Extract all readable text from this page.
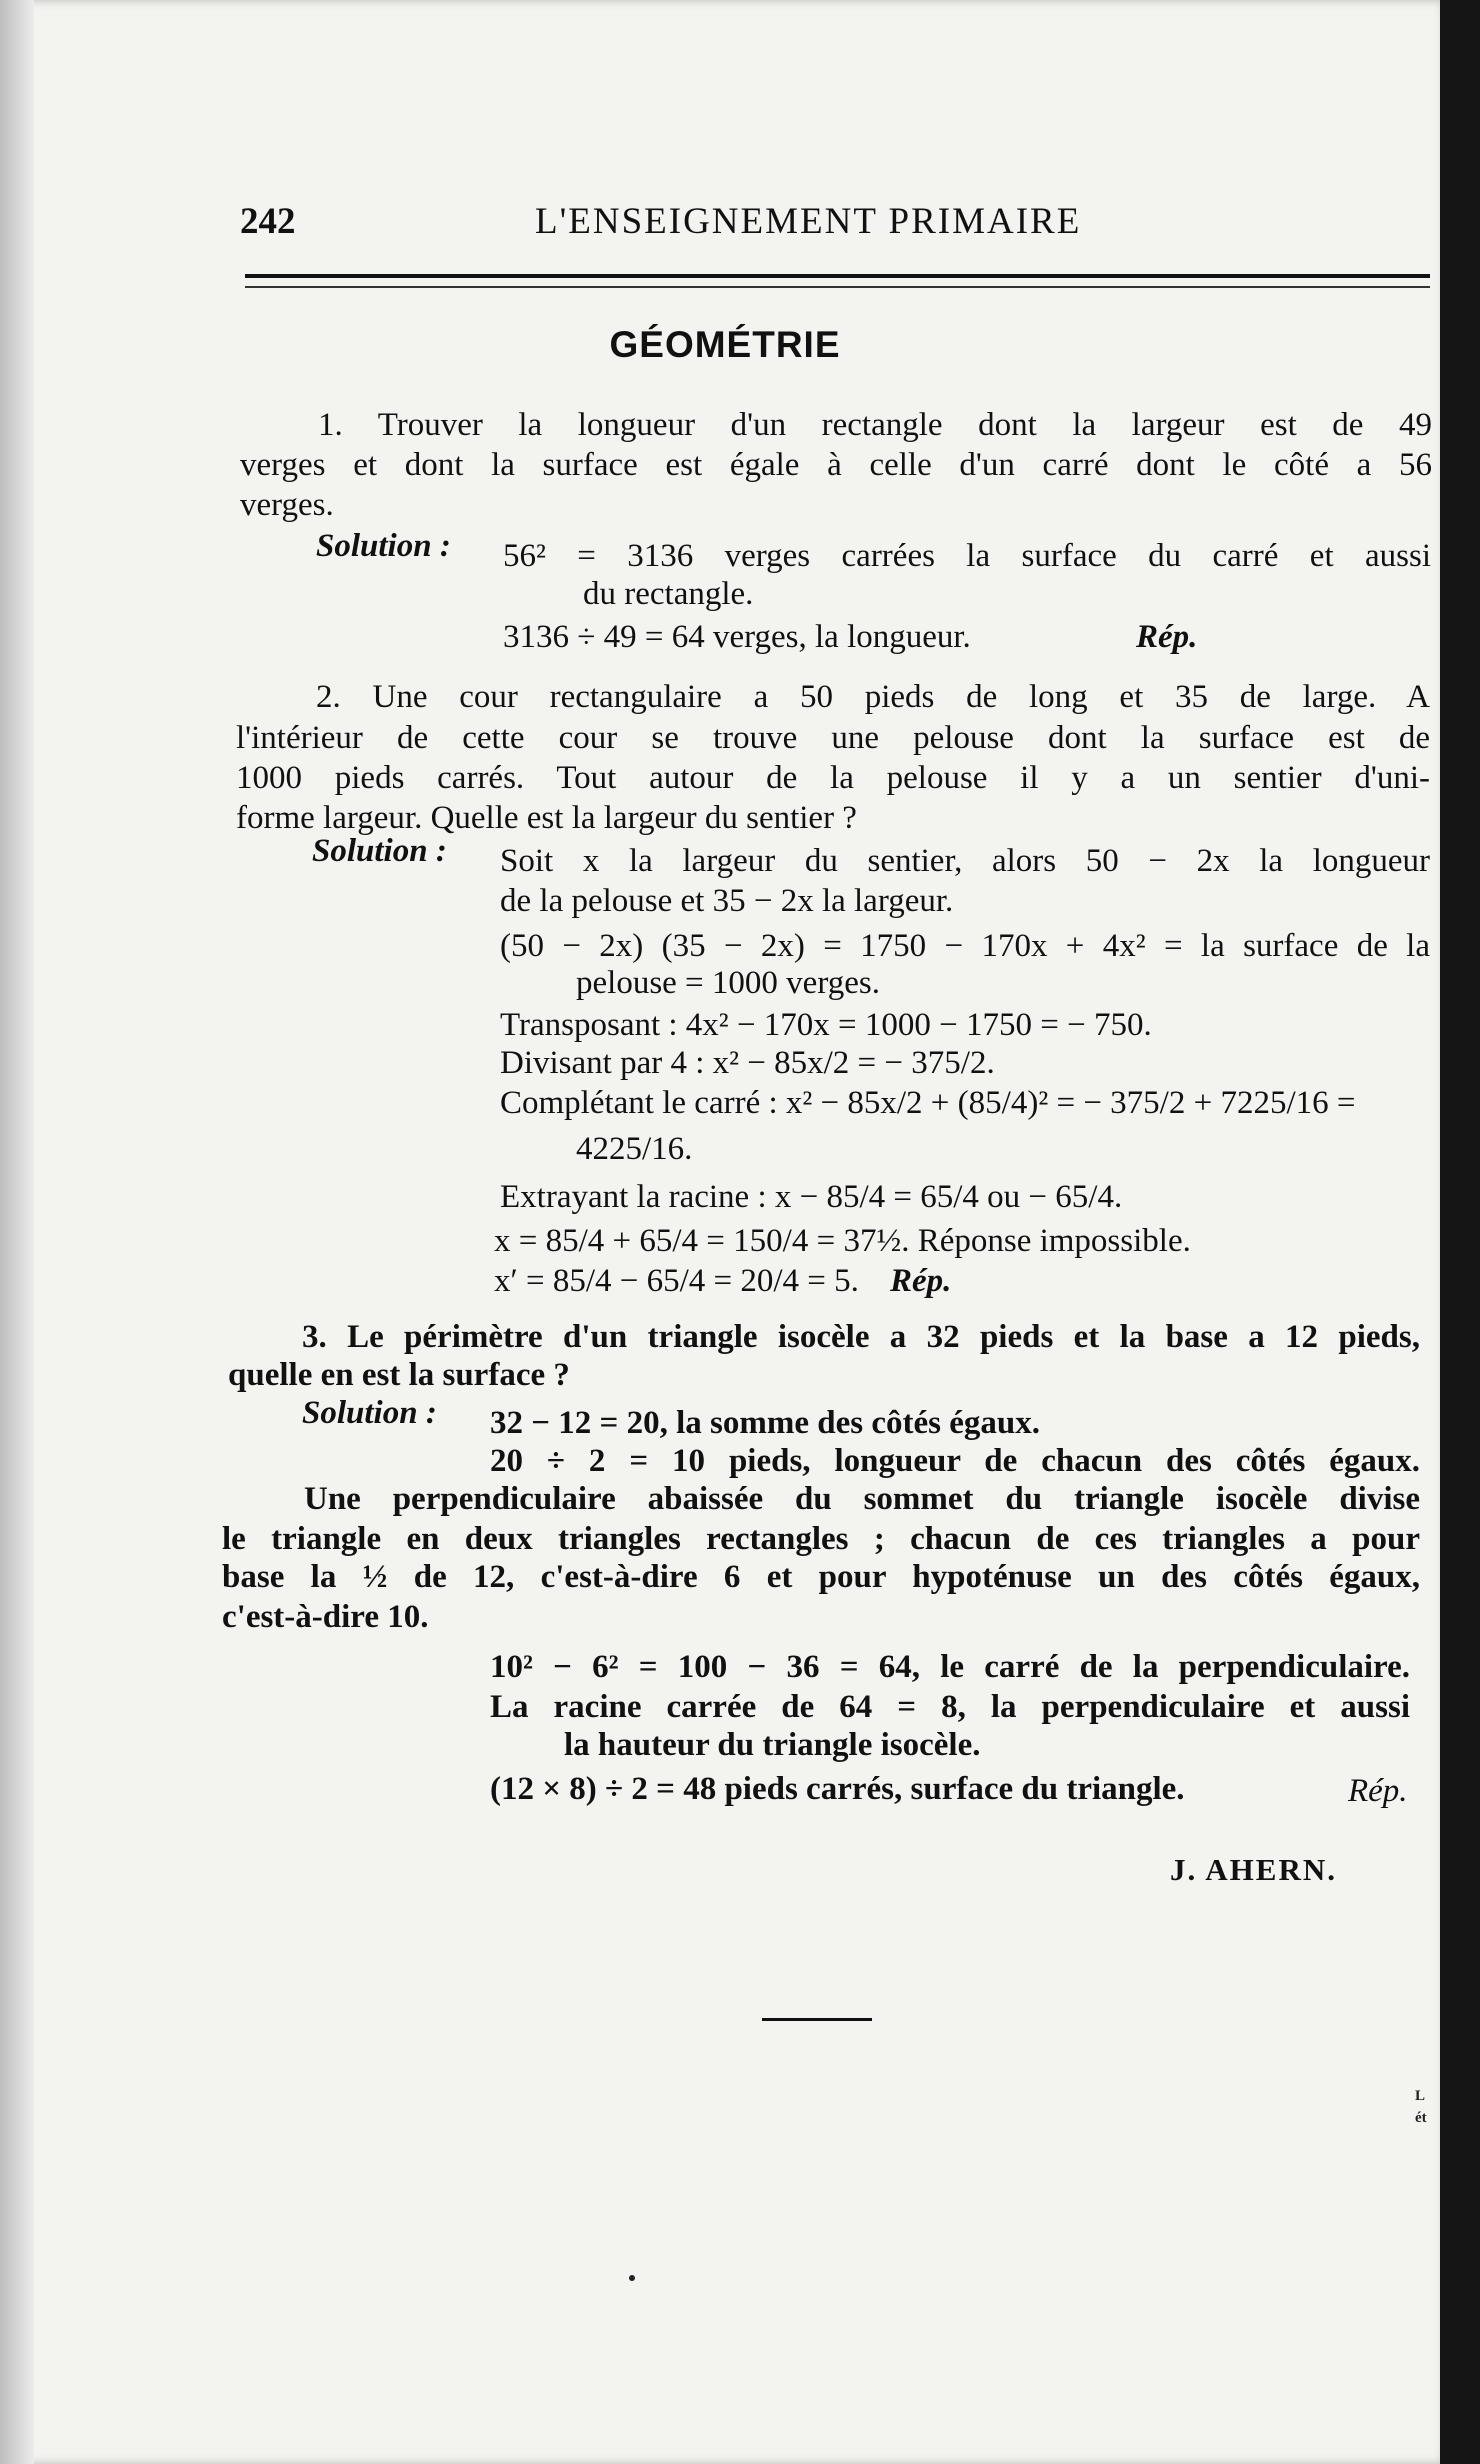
242	L'ENSEIGNEMENT PRIMAIRE
GÉOMÉTRIE
1. Trouver la longueur d'un rectangle dont la largeur est de 49
verges et dont la surface est égale à celle d'un carré dont le côté a 56
verges.
Solution : 56² = 3136 verges carrées la surface du carré et aussi
du rectangle.
3136 ÷ 49 = 64 verges, la longueur.	Rép.
2. Une cour rectangulaire a 50 pieds de long et 35 de large. A
l'intérieur de cette cour se trouve une pelouse dont la surface est de
1000 pieds carrés. Tout autour de la pelouse il y a un sentier d'uni-
forme largeur. Quelle est la largeur du sentier ?
Solution : Soit x la largeur du sentier, alors 50 − 2x la longueur
de la pelouse et 35 − 2x la largeur.
(50 − 2x) (35 − 2x) = 1750 − 170x + 4x² = la surface de la
pelouse = 1000 verges.
Transposant : 4x² − 170x = 1000 − 1750 = − 750.
Divisant par 4 : x² − 85x/2 = − 375/2.
Complétant le carré : x² − 85x/2 + (85/4)² = − 375/2 + 7225/16 =
4225/16.
Extrayant la racine : x − 85/4 = 65/4 ou − 65/4.
x = 85/4 + 65/4 = 150/4 = 37½. Réponse impossible.
x′ = 85/4 − 65/4 = 20/4 = 5. Rép.
3. Le périmètre d'un triangle isocèle a 32 pieds et la base a 12 pieds,
quelle en est la surface ?
Solution : 32 − 12 = 20, la somme des côtés égaux.
20 ÷ 2 = 10 pieds, longueur de chacun des côtés égaux.
Une perpendiculaire abaissée du sommet du triangle isocèle divise
le triangle en deux triangles rectangles ; chacun de ces triangles a pour
base la ½ de 12, c'est-à-dire 6 et pour hypoténuse un des côtés égaux,
c'est-à-dire 10.
10² − 6² = 100 − 36 = 64, le carré de la perpendiculaire.
La racine carrée de 64 = 8, la perpendiculaire et aussi
la hauteur du triangle isocèle.
(12 × 8) ÷ 2 = 48 pieds carrés, surface du triangle.	Rép.
J. AHERN.
L
ét
